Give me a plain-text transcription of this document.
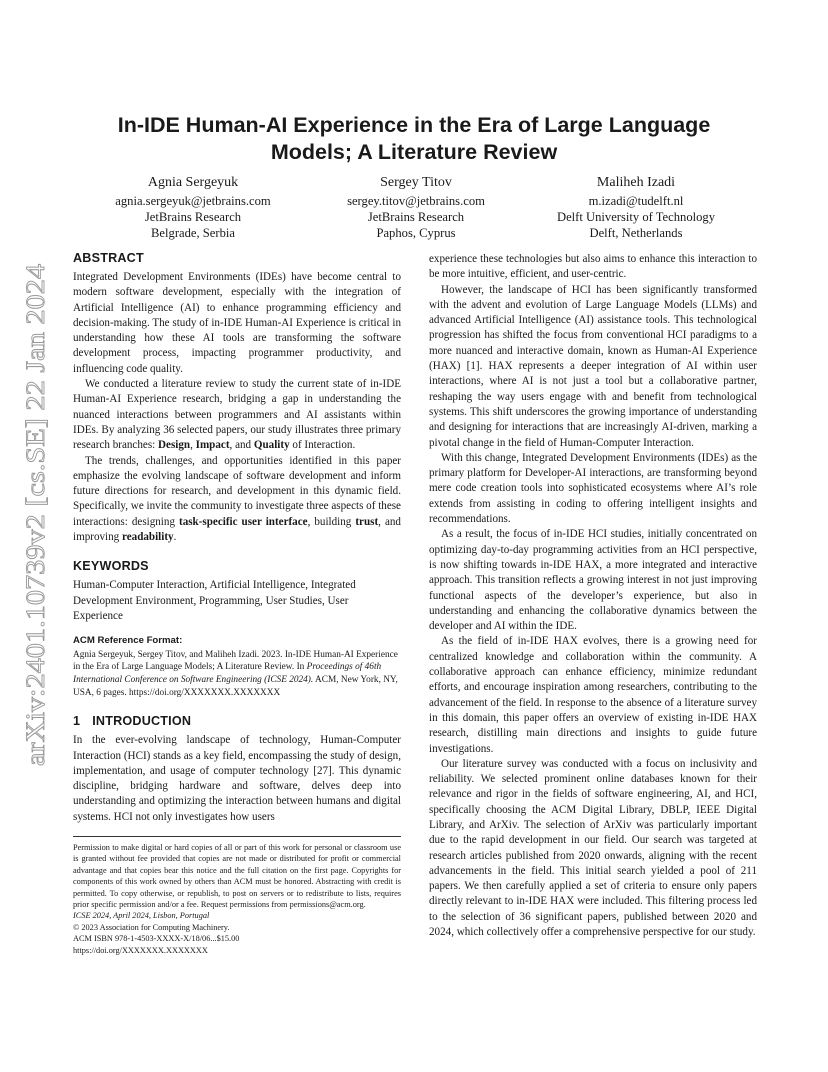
arXiv:2401.10739v2 [cs.SE] 22 Jan 2024
In-IDE Human-AI Experience in the Era of Large Language Models; A Literature Review
Agnia Sergeyuk
agnia.sergeyuk@jetbrains.com
JetBrains Research
Belgrade, Serbia
Sergey Titov
sergey.titov@jetbrains.com
JetBrains Research
Paphos, Cyprus
Maliheh Izadi
m.izadi@tudelft.nl
Delft University of Technology
Delft, Netherlands
ABSTRACT

Integrated Development Environments (IDEs) have become central to modern software development, especially with the integration of Artificial Intelligence (AI) to enhance programming efficiency and decision-making. The study of in-IDE Human-AI Experience is critical in understanding how these AI tools are transforming the software development process, impacting programmer productivity, and influencing code quality.

We conducted a literature review to study the current state of in-IDE Human-AI Experience research, bridging a gap in understanding the nuanced interactions between programmers and AI assistants within IDEs. By analyzing 36 selected papers, our study illustrates three primary research branches: Design, Impact, and Quality of Interaction.

The trends, challenges, and opportunities identified in this paper emphasize the evolving landscape of software development and inform future directions for research, and development in this dynamic field. Specifically, we invite the community to investigate three aspects of these interactions: designing task-specific user interface, building trust, and improving readability.

KEYWORDS

Human-Computer Interaction, Artificial Intelligence, Integrated Development Environment, Programming, User Studies, User Experience

ACM Reference Format:

Agnia Sergeyuk, Sergey Titov, and Maliheh Izadi. 2023. In-IDE Human-AI Experience in the Era of Large Language Models; A Literature Review. In Proceedings of 46th International Conference on Software Engineering (ICSE 2024). ACM, New York, NY, USA, 6 pages. https://doi.org/XXXXXXX.XXXXXXX

1 INTRODUCTION

In the ever-evolving landscape of technology, Human-Computer Interaction (HCI) stands as a key field, encompassing the study of design, implementation, and usage of computer technology [27]. This dynamic discipline, bridging hardware and software, delves deep into understanding and optimizing the interaction between humans and digital systems. HCI not only investigates how users

Permission to make digital or hard copies of all or part of this work for personal or classroom use is granted without fee provided that copies are not made or distributed for profit or commercial advantage and that copies bear this notice and the full citation on the first page. Copyrights for components of this work owned by others than ACM must be honored. Abstracting with credit is permitted. To copy otherwise, or republish, to post on servers or to redistribute to lists, requires prior specific permission and/or a fee. Request permissions from permissions@acm.org.

ICSE 2024, April 2024, Lisbon, Portugal
© 2023 Association for Computing Machinery.
ACM ISBN 978-1-4503-XXXX-X/18/06...$15.00
https://doi.org/XXXXXXX.XXXXXXX

experience these technologies but also aims to enhance this interaction to be more intuitive, efficient, and user-centric.

However, the landscape of HCI has been significantly transformed with the advent and evolution of Large Language Models (LLMs) and advanced Artificial Intelligence (AI) assistance tools. This technological progression has shifted the focus from conventional HCI paradigms to a more nuanced and interactive domain, known as Human-AI Experience (HAX) [1]. HAX represents a deeper integration of AI within user interactions, where AI is not just a tool but a collaborative partner, reshaping the way users engage with and benefit from technological systems. This shift underscores the growing importance of understanding and designing for interactions that are increasingly AI-driven, marking a pivotal change in the field of Human-Computer Interaction.

With this change, Integrated Development Environments (IDEs) as the primary platform for Developer-AI interactions, are transforming beyond mere code creation tools into sophisticated ecosystems where AI’s role extends from assisting in coding to offering intelligent insights and recommendations.

As a result, the focus of in-IDE HCI studies, initially concentrated on optimizing day-to-day programming activities from an HCI perspective, is now shifting towards in-IDE HAX, a more integrated and interactive approach. This transition reflects a growing interest in not just improving functional aspects of the developer’s experience, but also in understanding and enhancing the collaborative dynamics between the developer and AI within the IDE.

As the field of in-IDE HAX evolves, there is a growing need for centralized knowledge and collaboration within the community. A collaborative approach can enhance efficiency, minimize redundant efforts, and encourage inspiration among researchers, contributing to the advancement of the field. In response to the absence of a literature survey in this domain, this paper offers an overview of existing in-IDE HAX research, distilling main directions and insights to guide future investigations.

Our literature survey was conducted with a focus on inclusivity and reliability. We selected prominent online databases known for their relevance and rigor in the fields of software engineering, AI, and HCI, specifically choosing the ACM Digital Library, DBLP, IEEE Digital Library, and ArXiv. The selection of ArXiv was particularly important due to the rapid development in our field. Our search was targeted at research articles published from 2020 onwards, aligning with the recent advancements in the field. This initial search yielded a pool of 211 papers. We then carefully applied a set of criteria to ensure only papers directly relevant to in-IDE HAX were included. This filtering process led to the selection of 36 significant papers, published between 2020 and 2024, which collectively offer a comprehensive perspective for our study.
